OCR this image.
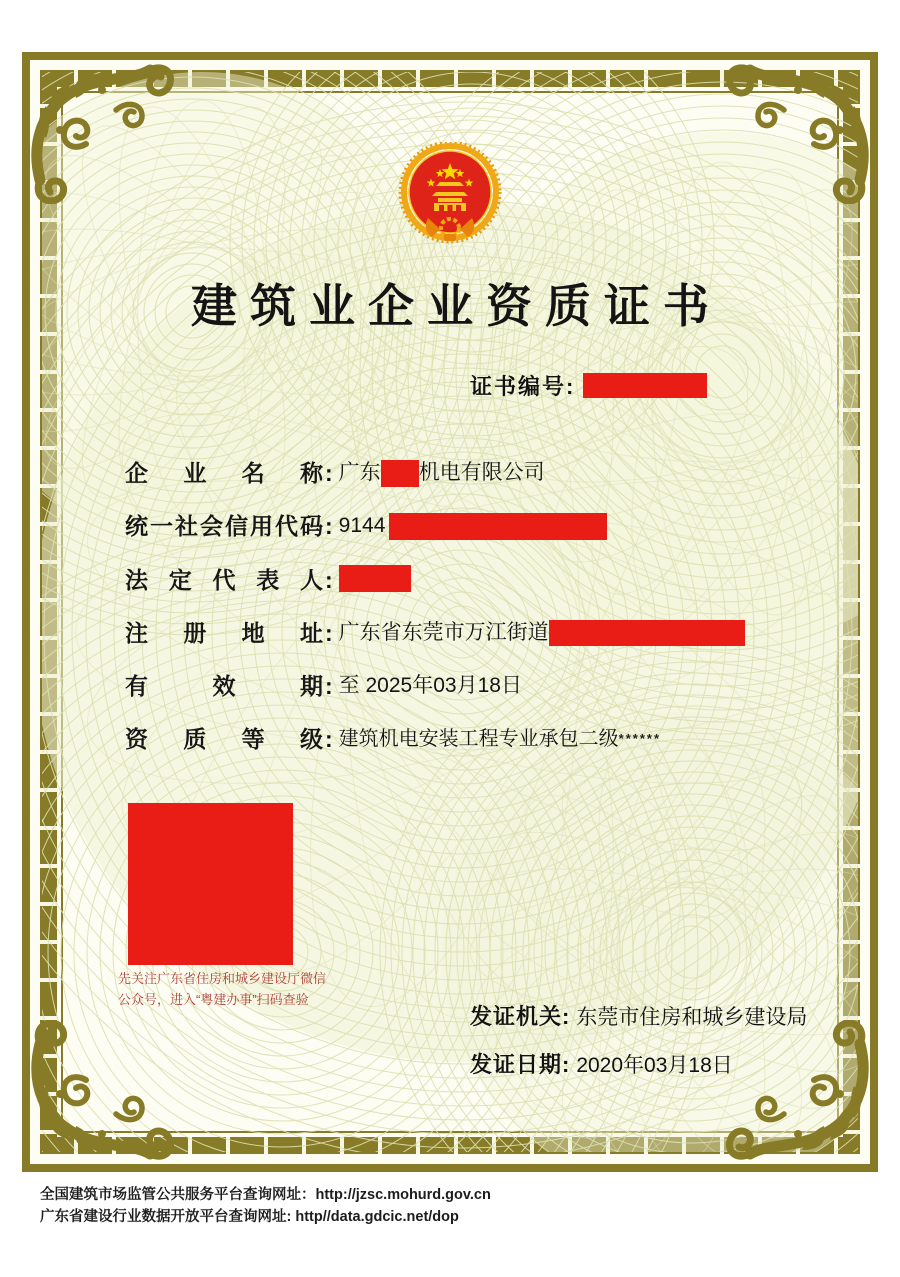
建筑业企业资质证书
证书编号:
企业名称 : 广东 机电有限公司
统一社会信用代码 : 9144
法定代表人 :
注册地址 : 广东省东莞市万江街道
有效期 : 至 2025年03月18日
资质等级 : 建筑机电安装工程专业承包二级 ******
先关注广东省住房和城乡建设厅微信
公众号，进入“粤建办事”扫码查验
发证机关: 东莞市住房和城乡建设局
发证日期: 2020年03月18日
全国建筑市场监管公共服务平台查询网址：http://jzsc.mohurd.gov.cn
广东省建设行业数据开放平台查询网址: http//data.gdcic.net/dop
